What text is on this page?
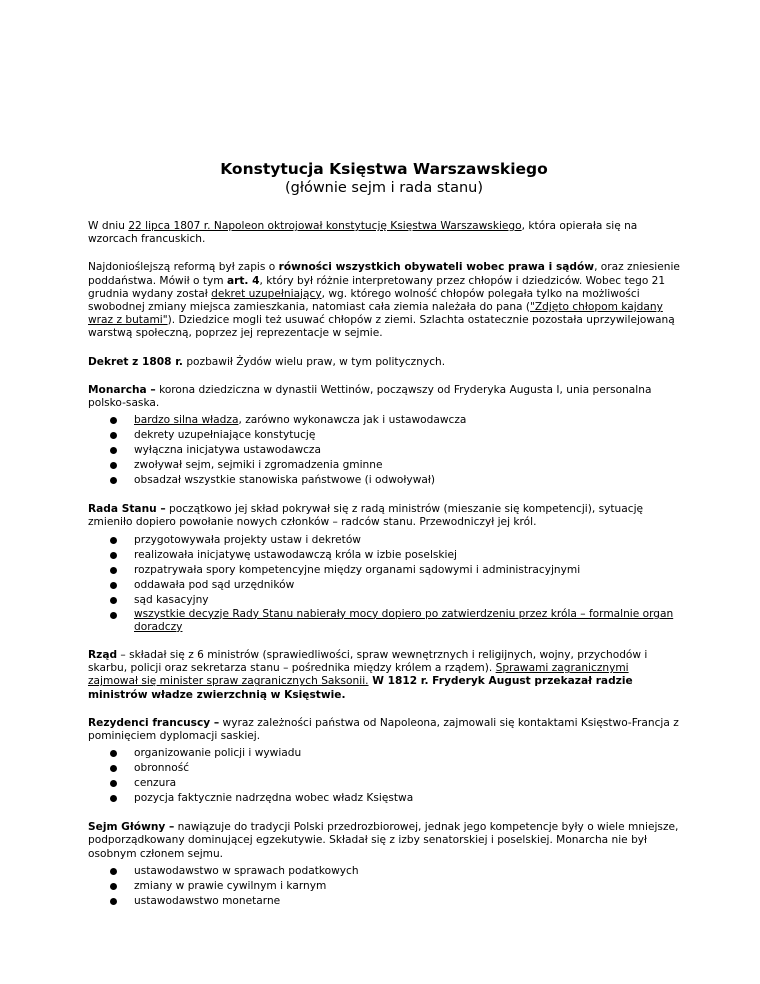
Konstytucja Księstwa Warszawskiego
(głównie sejm i rada stanu)

W dniu 22 lipca 1807 r. Napoleon oktrojował konstytucję Księstwa Warszawskiego, która opierała się na wzorcach francuskich.

Najdonioślejszą reformą był zapis o równości wszystkich obywateli wobec prawa i sądów, oraz zniesienie poddaństwa. Mówił o tym art. 4, który był różnie interpretowany przez chłopów i dziedziców. Wobec tego 21 grudnia wydany został dekret uzupełniający, wg. którego wolność chłopów polegała tylko na możliwości swobodnej zmiany miejsca zamieszkania, natomiast cała ziemia należała do pana ("Zdjęto chłopom kajdany wraz z butami"). Dziedzice mogli też usuwać chłopów z ziemi. Szlachta ostatecznie pozostała uprzywilejowaną warstwą społeczną, poprzez jej reprezentacje w sejmie.

Dekret z 1808 r. pozbawił Żydów wielu praw, w tym politycznych.

Monarcha – korona dziedziczna w dynastii Wettinów, począwszy od Fryderyka Augusta I, unia personalna polsko-saska.

bardzo silna władza, zarówno wykonawcza jak i ustawodawcza
dekrety uzupełniające konstytucję
wyłączna inicjatywa ustawodawcza
zwoływał sejm, sejmiki i zgromadzenia gminne
obsadzał wszystkie stanowiska państwowe (i odwoływał)

Rada Stanu – początkowo jej skład pokrywał się z radą ministrów (mieszanie się kompetencji), sytuację zmieniło dopiero powołanie nowych członków – radców stanu. Przewodniczył jej król.

przygotowywała projekty ustaw i dekretów
realizowała inicjatywę ustawodawczą króla w izbie poselskiej
rozpatrywała spory kompetencyjne między organami sądowymi i administracyjnymi
oddawała pod sąd urzędników
sąd kasacyjny
wszystkie decyzje Rady Stanu nabierały mocy dopiero po zatwierdzeniu przez króla – formalnie organ doradczy

Rząd – składał się z 6 ministrów (sprawiedliwości, spraw wewnętrznych i religijnych, wojny, przychodów i skarbu, policji oraz sekretarza stanu – pośrednika między królem a rządem). Sprawami zagranicznymi zajmował się minister spraw zagranicznych Saksonii. W 1812 r. Fryderyk August przekazał radzie ministrów władze zwierzchnią w Księstwie.

Rezydenci francuscy – wyraz zależności państwa od Napoleona, zajmowali się kontaktami Księstwo-Francja z pominięciem dyplomacji saskiej.

organizowanie policji i wywiadu
obronność
cenzura
pozycja faktycznie nadrzędna wobec władz Księstwa

Sejm Główny – nawiązuje do tradycji Polski przedrozbiorowej, jednak jego kompetencje były o wiele mniejsze, podporządkowany dominującej egzekutywie. Składał się z izby senatorskiej i poselskiej. Monarcha nie był osobnym członem sejmu.

ustawodawstwo w sprawach podatkowych
zmiany w prawie cywilnym i karnym
ustawodawstwo monetarne
